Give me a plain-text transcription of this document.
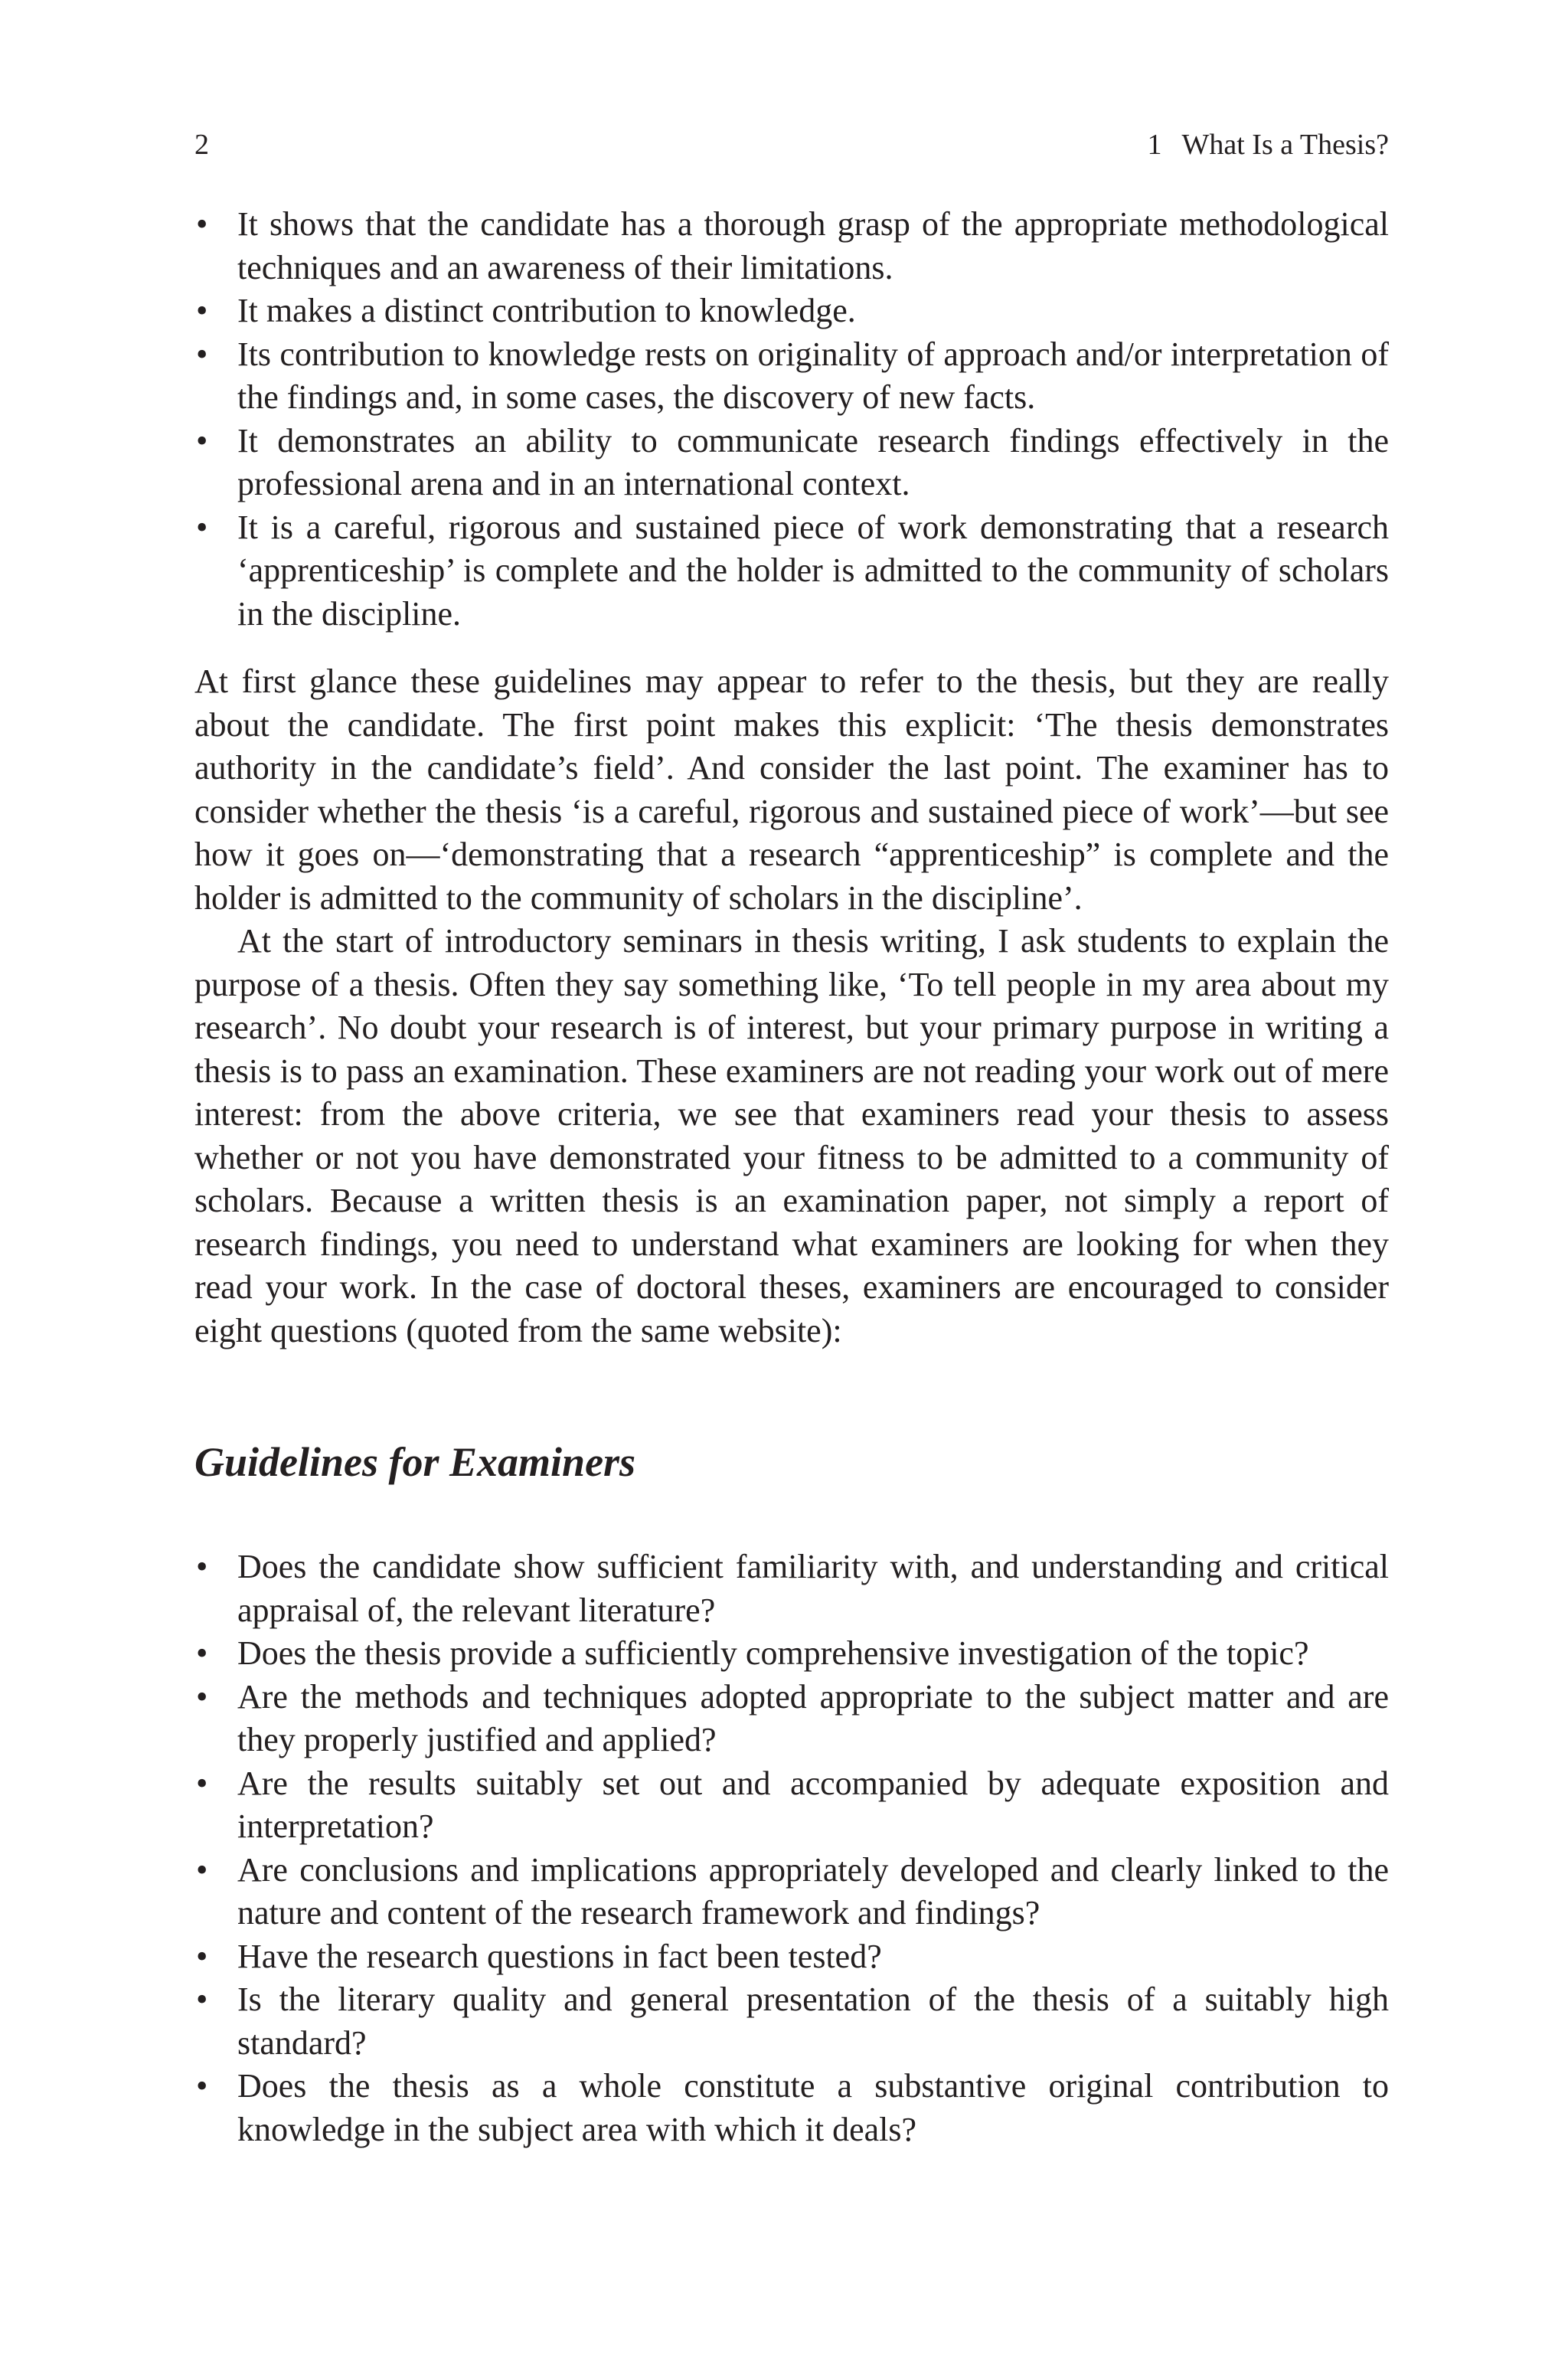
2	1 What Is a Thesis?
• It shows that the candidate has a thorough grasp of the appropriate methodological techniques and an awareness of their limitations.
• It makes a distinct contribution to knowledge.
• Its contribution to knowledge rests on originality of approach and/or interpretation of the findings and, in some cases, the discovery of new facts.
• It demonstrates an ability to communicate research findings effectively in the professional arena and in an international context.
• It is a careful, rigorous and sustained piece of work demonstrating that a research ‘apprenticeship’ is complete and the holder is admitted to the community of scholars in the discipline.

At first glance these guidelines may appear to refer to the thesis, but they are really about the candidate. The first point makes this explicit: ‘The thesis demonstrates authority in the candidate’s field’. And consider the last point. The examiner has to consider whether the thesis ‘is a careful, rigorous and sustained piece of work’—but see how it goes on—‘demonstrating that a research “apprenticeship” is complete and the holder is admitted to the community of scholars in the discipline’.

At the start of introductory seminars in thesis writing, I ask students to explain the purpose of a thesis. Often they say something like, ‘To tell people in my area about my research’. No doubt your research is of interest, but your primary purpose in writing a thesis is to pass an examination. These examiners are not reading your work out of mere interest: from the above criteria, we see that examiners read your thesis to assess whether or not you have demonstrated your fitness to be admitted to a community of scholars. Because a written thesis is an examination paper, not simply a report of research findings, you need to understand what examiners are looking for when they read your work. In the case of doctoral theses, examiners are encouraged to consider eight questions (quoted from the same website):

Guidelines for Examiners
• Does the candidate show sufficient familiarity with, and understanding and critical appraisal of, the relevant literature?
• Does the thesis provide a sufficiently comprehensive investigation of the topic?
• Are the methods and techniques adopted appropriate to the subject matter and are they properly justified and applied?
• Are the results suitably set out and accompanied by adequate exposition and interpretation?
• Are conclusions and implications appropriately developed and clearly linked to the nature and content of the research framework and findings?
• Have the research questions in fact been tested?
• Is the literary quality and general presentation of the thesis of a suitably high standard?
• Does the thesis as a whole constitute a substantive original contribution to knowledge in the subject area with which it deals?
